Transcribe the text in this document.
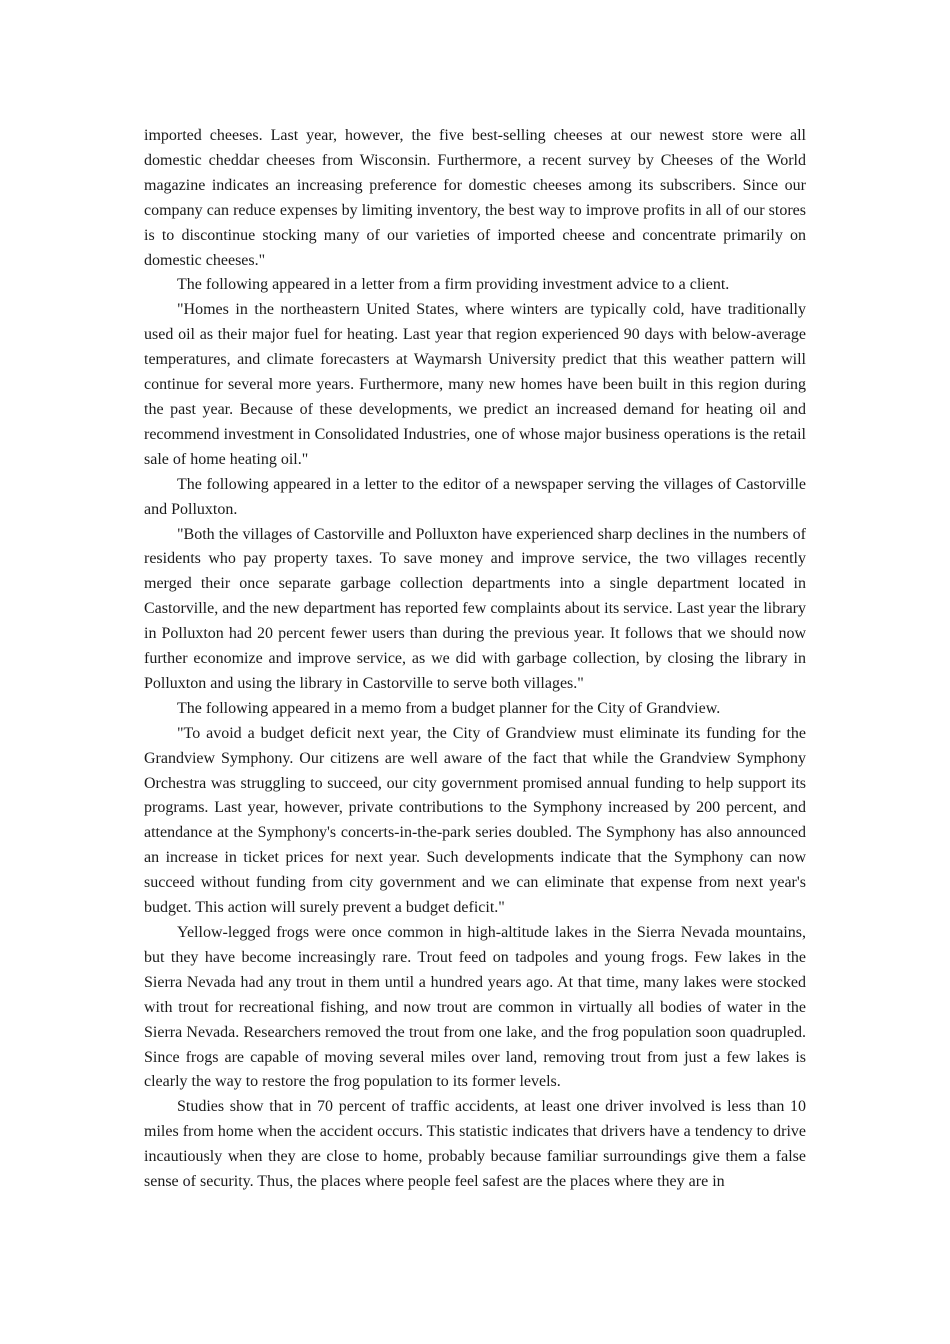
imported cheeses. Last year, however, the five best-selling cheeses at our newest store were all domestic cheddar cheeses from Wisconsin. Furthermore, a recent survey by Cheeses of the World magazine indicates an increasing preference for domestic cheeses among its subscribers. Since our company can reduce expenses by limiting inventory, the best way to improve profits in all of our stores is to discontinue stocking many of our varieties of imported cheese and concentrate primarily on domestic cheeses."

The following appeared in a letter from a firm providing investment advice to a client.

"Homes in the northeastern United States, where winters are typically cold, have traditionally used oil as their major fuel for heating. Last year that region experienced 90 days with below-average temperatures, and climate forecasters at Waymarsh University predict that this weather pattern will continue for several more years. Furthermore, many new homes have been built in this region during the past year. Because of these developments, we predict an increased demand for heating oil and recommend investment in Consolidated Industries, one of whose major business operations is the retail sale of home heating oil."

The following appeared in a letter to the editor of a newspaper serving the villages of Castorville and Polluxton.

"Both the villages of Castorville and Polluxton have experienced sharp declines in the numbers of residents who pay property taxes. To save money and improve service, the two villages recently merged their once separate garbage collection departments into a single department located in Castorville, and the new department has reported few complaints about its service. Last year the library in Polluxton had 20 percent fewer users than during the previous year. It follows that we should now further economize and improve service, as we did with garbage collection, by closing the library in Polluxton and using the library in Castorville to serve both villages."

The following appeared in a memo from a budget planner for the City of Grandview.

"To avoid a budget deficit next year, the City of Grandview must eliminate its funding for the Grandview Symphony. Our citizens are well aware of the fact that while the Grandview Symphony Orchestra was struggling to succeed, our city government promised annual funding to help support its programs. Last year, however, private contributions to the Symphony increased by 200 percent, and attendance at the Symphony's concerts-in-the-park series doubled. The Symphony has also announced an increase in ticket prices for next year. Such developments indicate that the Symphony can now succeed without funding from city government and we can eliminate that expense from next year's budget. This action will surely prevent a budget deficit."

Yellow-legged frogs were once common in high-altitude lakes in the Sierra Nevada mountains, but they have become increasingly rare. Trout feed on tadpoles and young frogs. Few lakes in the Sierra Nevada had any trout in them until a hundred years ago. At that time, many lakes were stocked with trout for recreational fishing, and now trout are common in virtually all bodies of water in the Sierra Nevada. Researchers removed the trout from one lake, and the frog population soon quadrupled. Since frogs are capable of moving several miles over land, removing trout from just a few lakes is clearly the way to restore the frog population to its former levels.

Studies show that in 70 percent of traffic accidents, at least one driver involved is less than 10 miles from home when the accident occurs. This statistic indicates that drivers have a tendency to drive incautiously when they are close to home, probably because familiar surroundings give them a false sense of security. Thus, the places where people feel safest are the places where they are in
